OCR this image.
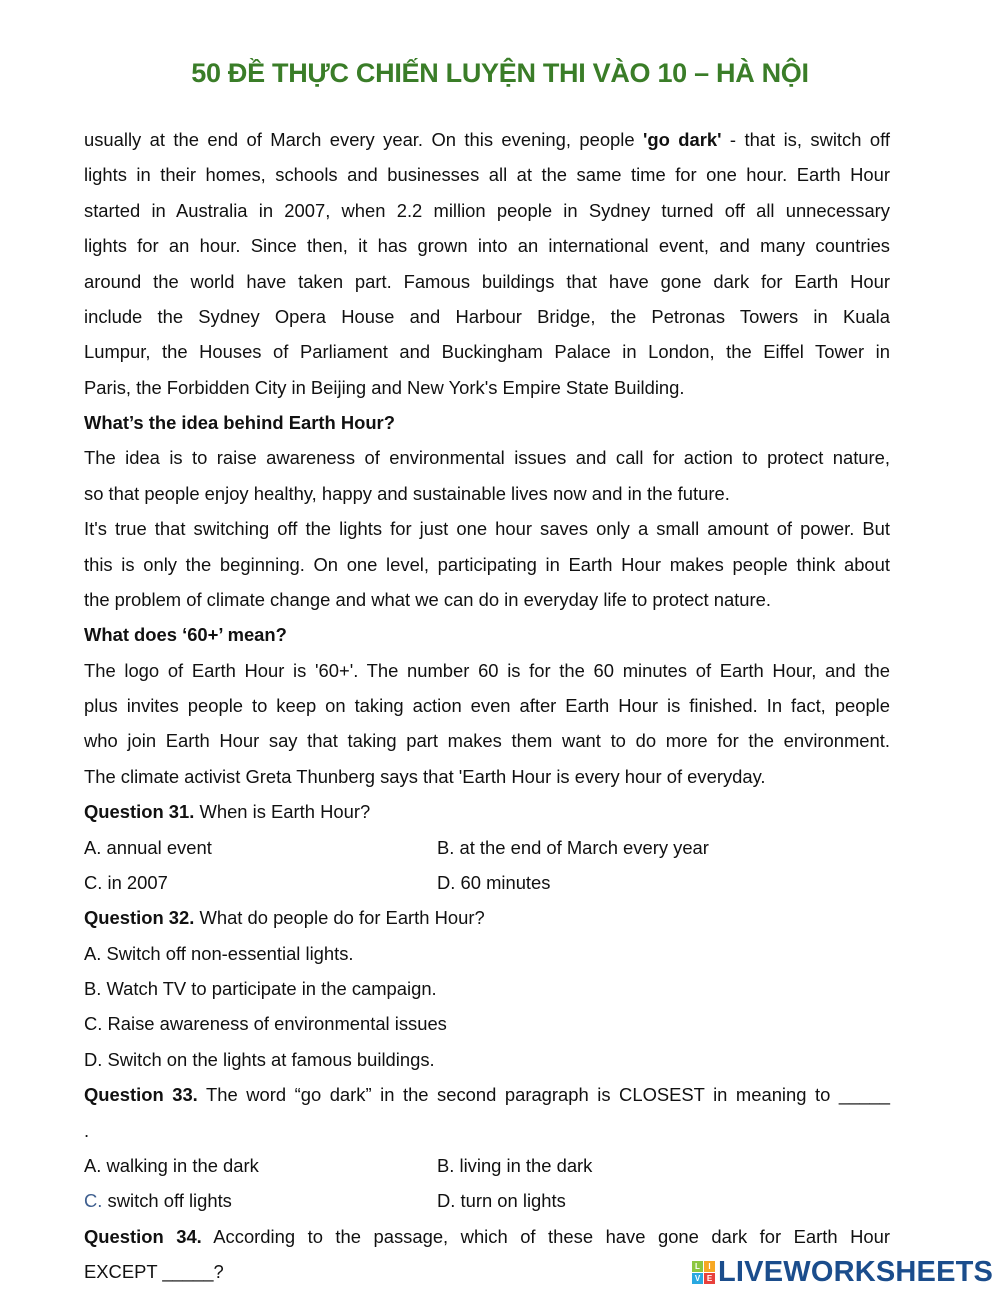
50 ĐỀ THỰC CHIẾN LUYỆN THI VÀO 10 – HÀ NỘI
usually at the end of March every year. On this evening, people 'go dark' - that is, switch off
lights in their homes, schools and businesses all at the same time for one hour. Earth Hour
started in Australia in 2007, when 2.2 million people in Sydney turned off all unnecessary
lights for an hour. Since then, it has grown into an international event, and many countries
around the world have taken part. Famous buildings that have gone dark for Earth Hour
include the Sydney Opera House and Harbour Bridge, the Petronas Towers in Kuala
Lumpur, the Houses of Parliament and Buckingham Palace in London, the Eiffel Tower in
Paris, the Forbidden City in Beijing and New York's Empire State Building.
What’s the idea behind Earth Hour?
The idea is to raise awareness of environmental issues and call for action to protect nature,
so that people enjoy healthy, happy and sustainable lives now and in the future.
It's true that switching off the lights for just one hour saves only a small amount of power. But
this is only the beginning. On one level, participating in Earth Hour makes people think about
the problem of climate change and what we can do in everyday life to protect nature.
What does ‘60+’ mean?
The logo of Earth Hour is '60+'. The number 60 is for the 60 minutes of Earth Hour, and the
plus invites people to keep on taking action even after Earth Hour is finished. In fact, people
who join Earth Hour say that taking part makes them want to do more for the environment.
The climate activist Greta Thunberg says that 'Earth Hour is every hour of everyday.
Question 31. When is Earth Hour?
A. annual event	B. at the end of March every year
C. in 2007	D. 60 minutes
Question 32. What do people do for Earth Hour?
A. Switch off non-essential lights.
B. Watch TV to participate in the campaign.
C. Raise awareness of environmental issues
D. Switch on the lights at famous buildings.
Question 33. The word “go dark” in the second paragraph is CLOSEST in meaning to _____
.
A. walking in the dark	B. living in the dark
C. switch off lights	D. turn on lights
Question 34. According to the passage, which of these have gone dark for Earth Hour
EXCEPT _____?	L	I
V E LIVEWORKSHEETS
